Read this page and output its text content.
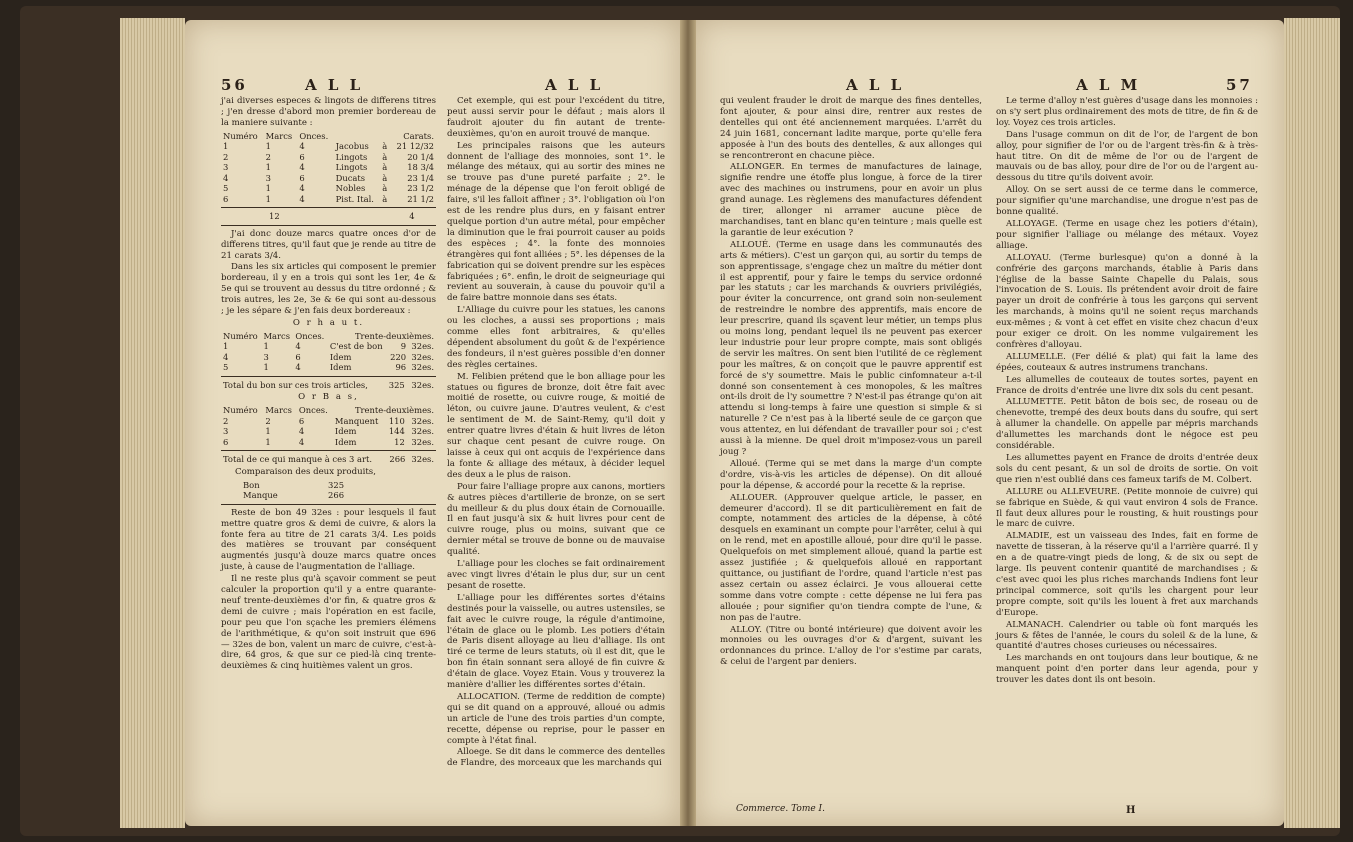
56	A L L	A L L

j'ai diverses especes & lingots de differens titres ; j'en dresse d'abord mon premier bordereau de la maniere suivante :

Numéro	Marcs	Onces.			Carats.
1	1	4	Jacobus	à	21 12/32
2	2	6	Lingots	à	20 1/4
3	1	4	Lingots	à	18 3/4
4	3	6	Ducats	à	23 1/4
5	1	4	Nobles	à	23 1/2
6	1	4	Pist. Ital.	à	21 1/2
12	4

J'ai donc douze marcs quatre onces d'or de differens titres, qu'il faut que je rende au titre de 21 carats 3/4.

Dans les six articles qui composent le premier bordereau, il y en a trois qui sont les 1er, 4e & 5e qui se trouvent au dessus du titre ordonné ; & trois autres, les 2e, 3e & 6e qui sont au-dessous ; je les sépare & j'en fais deux bordereaux :

O r h a u t.

Numéro	Marcs	Onces.	Trente-deuxièmes.		
1	1	4	C'est de bon	9	32es.
4	3	6	Idem	220	32es.
5	1	4	Idem	96	32es.
Total du bon sur ces trois articles,	325	32es.

O r B a s,

Numéro	Marcs	Onces.	Trente-deuxièmes.		
2	2	6	Manquent	110	32es.
3	1	4	Idem	144	32es.
6	1	4	Idem	12	32es.
Total de ce qui manque à ces 3 art.	266	32es.

Comparaison des deux produits,

Bon	325
Manque	266

Reste de bon 49 32es : pour lesquels il faut mettre quatre gros & demi de cuivre, & alors la fonte fera au titre de 21 carats 3/4. Les poids des matières se trouvant par conséquent augmentés jusqu'à douze marcs quatre onces juste, à cause de l'augmentation de l'alliage.

Il ne reste plus qu'à sçavoir comment se peut calculer la proportion qu'il y a entre quarante-neuf trente-deuxièmes d'or fin, & quatre gros & demi de cuivre ; mais l'opération en est facile, pour peu que l'on sçache les premiers élémens de l'arithmétique, & qu'on soit instruit que 696 — 32es de bon, valent un marc de cuivre, c'est-à-dire, 64 gros, & que sur ce pied-là cinq trente-deuxièmes & cinq huitièmes valent un gros.

Cet exemple, qui est pour l'excédent du titre, peut aussi servir pour le défaut ; mais alors il faudroit ajouter du fin autant de trente-deuxièmes, qu'on en auroit trouvé de manque.

Les principales raisons que les auteurs donnent de l'alliage des monnoies, sont 1°. le mélange des métaux, qui au sortir des mines ne se trouve pas d'une pureté parfaite ; 2°. le ménage de la dépense que l'on feroit obligé de faire, s'il les falloit affiner ; 3°. l'obligation où l'on est de les rendre plus durs, en y faisant entrer quelque portion d'un autre métal, pour empêcher la diminution que le frai pourroit causer au poids des espèces ; 4°. la fonte des monnoies étrangères qui font alliées ; 5°. les dépenses de la fabrication qui se doivent prendre sur les espèces fabriquées ; 6°. enfin, le droit de seigneuriage qui revient au souverain, à cause du pouvoir qu'il a de faire battre monnoie dans ses états.

L'Alliage du cuivre pour les statues, les canons ou les cloches, a aussi ses proportions ; mais comme elles font arbitraires, & qu'elles dépendent absolument du goût & de l'expérience des fondeurs, il n'est guères possible d'en donner des règles certaines.

M. Felibien prétend que le bon alliage pour les statues ou figures de bronze, doit être fait avec moitié de rosette, ou cuivre rouge, & moitié de léton, ou cuivre jaune. D'autres veulent, & c'est le sentiment de M. de Saint-Remy, qu'il doit y entrer quatre livres d'étain & huit livres de léton sur chaque cent pesant de cuivre rouge. On laisse à ceux qui ont acquis de l'expérience dans la fonte & alliage des métaux, à décider lequel des deux a le plus de raison.

Pour faire l'alliage propre aux canons, mortiers & autres pièces d'artillerie de bronze, on se sert du meilleur & du plus doux étain de Cornouaille. Il en faut jusqu'à six & huit livres pour cent de cuivre rouge, plus ou moins, suivant que ce dernier métal se trouve de bonne ou de mauvaise qualité.

L'alliage pour les cloches se fait ordinairement avec vingt livres d'étain le plus dur, sur un cent pesant de rosette.

L'alliage pour les différentes sortes d'étains destinés pour la vaisselle, ou autres ustensiles, se fait avec le cuivre rouge, la régule d'antimoine, l'étain de glace ou le plomb. Les potiers d'étain de Paris disent alloyage au lieu d'alliage. Ils ont tiré ce terme de leurs statuts, où il est dit, que le bon fin étain sonnant sera alloyé de fin cuivre & d'étain de glace. Voyez Etain. Vous y trouverez la manière d'allier les différentes sortes d'étain.

ALLOCATION. (Terme de reddition de compte) qui se dit quand on a approuvé, alloué ou admis un article de l'une des trois parties d'un compte, recette, dépense ou reprise, pour le passer en compte à l'état final.

Alloege. Se dit dans le commerce des dentelles de Flandre, des morceaux que les marchands qui

A L L	A L M	57

qui veulent frauder le droit de marque des fines dentelles, font ajouter, & pour ainsi dire, rentrer aux restes de dentelles qui ont été anciennement marquées. L'arrêt du 24 juin 1681, concernant ladite marque, porte qu'elle fera apposée à l'un des bouts des dentelles, & aux allonges qui se rencontreront en chacune pièce.

ALLONGER. En termes de manufactures de lainage, signifie rendre une étoffe plus longue, à force de la tirer avec des machines ou instrumens, pour en avoir un plus grand aunage. Les règlemens des manufactures défendent de tirer, allonger ni arramer aucune pièce de marchandises, tant en blanc qu'en teinture ; mais quelle est la garantie de leur exécution ?

ALLOUÉ. (Terme en usage dans les communautés des arts & métiers). C'est un garçon qui, au sortir du temps de son apprentissage, s'engage chez un maître du métier dont il est apprentif, pour y faire le temps du service ordonné par les statuts ; car les marchands & ouvriers privilégiés, pour éviter la concurrence, ont grand soin non-seulement de restreindre le nombre des apprentifs, mais encore de leur prescrire, quand ils sçavent leur métier, un temps plus ou moins long, pendant lequel ils ne peuvent pas exercer leur industrie pour leur propre compte, mais sont obligés de servir les maîtres. On sent bien l'utilité de ce règlement pour les maîtres, & on conçoit que le pauvre apprentif est forcé de s'y soumettre. Mais le public cinfomnateur a-t-il donné son consentement à ces monopoles, & les maîtres ont-ils droit de l'y soumettre ? N'est-il pas étrange qu'on ait attendu si long-temps à faire une question si simple & si naturelle ? Ce n'est pas à la liberté seule de ce garçon que vous attentez, en lui défendant de travailler pour soi ; c'est aussi à la mienne. De quel droit m'imposez-vous un pareil joug ?

Alloué. (Terme qui se met dans la marge d'un compte d'ordre, vis-à-vis les articles de dépense). On dit alloué pour la dépense, & accordé pour la recette & la reprise.

ALLOUER. (Approuver quelque article, le passer, en demeurer d'accord). Il se dit particulièrement en fait de compte, notamment des articles de la dépense, à côté desquels en examinant un compte pour l'arrêter, celui à qui on le rend, met en apostille alloué, pour dire qu'il le passe. Quelquefois on met simplement alloué, quand la partie est assez justifiée ; & quelquefois alloué en rapportant quittance, ou justifiant de l'ordre, quand l'article n'est pas assez certain ou assez éclairci. Je vous allouerai cette somme dans votre compte : cette dépense ne lui fera pas allouée ; pour signifier qu'on tiendra compte de l'une, & non pas de l'autre.

ALLOY. (Titre ou bonté intérieure) que doivent avoir les monnoies ou les ouvrages d'or & d'argent, suivant les ordonnances du prince. L'alloy de l'or s'estime par carats, & celui de l'argent par deniers.

Commerce. Tome I.

Le terme d'alloy n'est guères d'usage dans les monnoies : on s'y sert plus ordinairement des mots de titre, de fin & de loy. Voyez ces trois articles.

Dans l'usage commun on dit de l'or, de l'argent de bon alloy, pour signifier de l'or ou de l'argent très-fin & à très-haut titre. On dit de même de l'or ou de l'argent de mauvais ou de bas alloy, pour dire de l'or ou de l'argent au-dessous du titre qu'ils doivent avoir.

Alloy. On se sert aussi de ce terme dans le commerce, pour signifier qu'une marchandise, une drogue n'est pas de bonne qualité.

ALLOYAGE. (Terme en usage chez les potiers d'étain), pour signifier l'alliage ou mélange des métaux. Voyez alliage.

ALLOYAU. (Terme burlesque) qu'on a donné à la confrérie des garçons marchands, établie à Paris dans l'église de la basse Sainte Chapelle du Palais, sous l'invocation de S. Louis. Ils prétendent avoir droit de faire payer un droit de confrérie à tous les garçons qui servent les marchands, à moins qu'il ne soient reçus marchands eux-mêmes ; & vont à cet effet en visite chez chacun d'eux pour exiger ce droit. On les nomme vulgairement les confrères d'alloyau.

ALLUMELLE. (Fer délié & plat) qui fait la lame des épées, couteaux & autres instrumens tranchans.

Les allumelles de couteaux de toutes sortes, payent en France de droits d'entrée une livre dix sols du cent pesant.

ALLUMETTE. Petit bâton de bois sec, de roseau ou de chenevotte, trempé des deux bouts dans du soufre, qui sert à allumer la chandelle. On appelle par mépris marchands d'allumettes les marchands dont le négoce est peu considérable.

Les allumettes payent en France de droits d'entrée deux sols du cent pesant, & un sol de droits de sortie. On voit que rien n'est oublié dans ces fameux tarifs de M. Colbert.

ALLURE ou ALLEVEURE. (Petite monnoie de cuivre) qui se fabrique en Suède, & qui vaut environ 4 sols de France. Il faut deux allures pour le rousting, & huit roustings pour le marc de cuivre.

ALMADIE, est un vaisseau des Indes, fait en forme de navette de tisseran, à la réserve qu'il a l'arrière quarré. Il y en a de quatre-vingt pieds de long, & de six ou sept de large. Ils peuvent contenir quantité de marchandises ; & c'est avec quoi les plus riches marchands Indiens font leur principal commerce, soit qu'ils les chargent pour leur propre compte, soit qu'ils les louent à fret aux marchands d'Europe.

ALMANACH. Calendrier ou table où font marqués les jours & fêtes de l'année, le cours du soleil & de la lune, & quantité d'autres choses curieuses ou nécessaires.

Les marchands en ont toujours dans leur boutique, & ne manquent point d'en porter dans leur agenda, pour y trouver les dates dont ils ont besoin.

H
